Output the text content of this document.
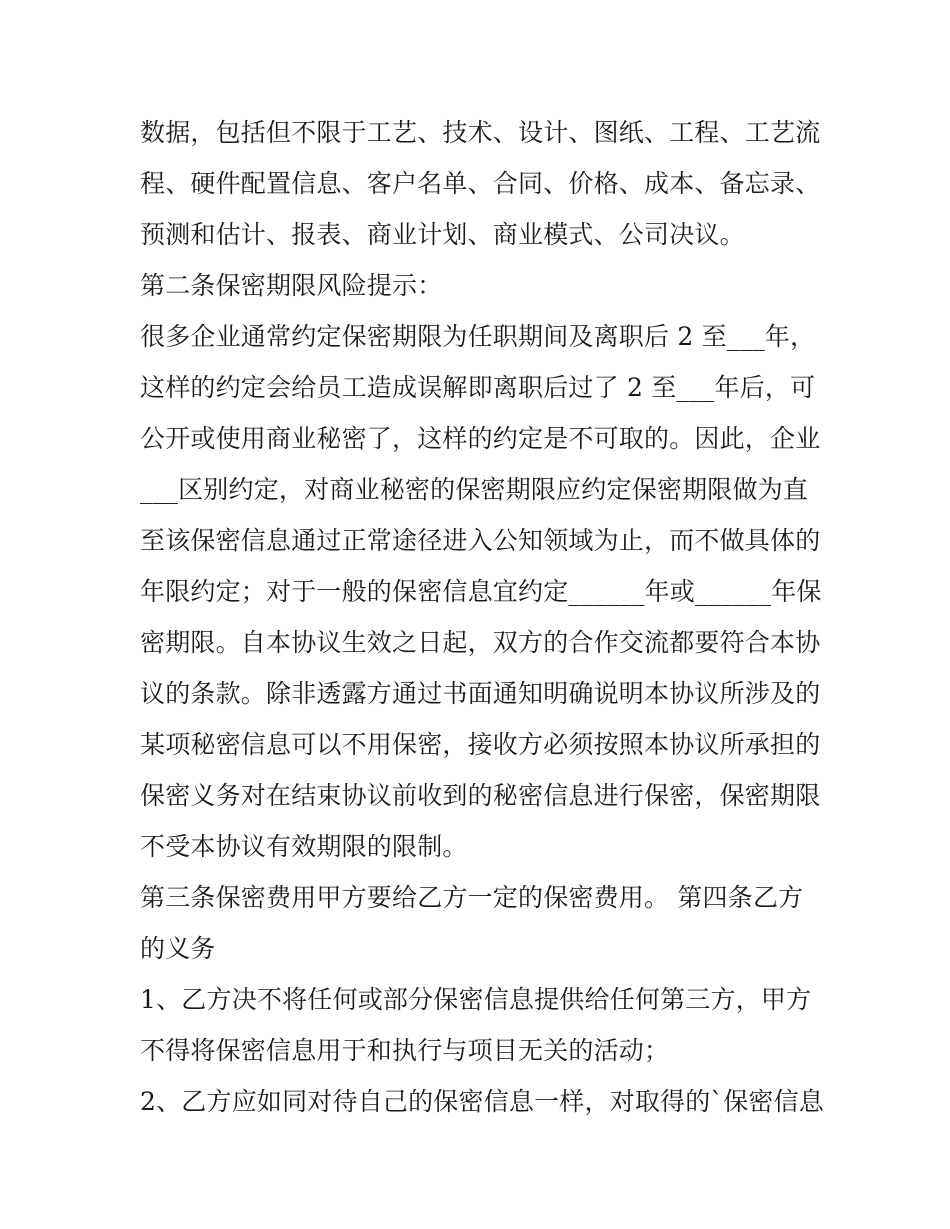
数据，包括但不限于工艺、技术、设计、图纸、工程、工艺流
程、硬件配置信息、客户名单、合同、价格、成本、备忘录、
预测和估计、报表、商业计划、商业模式、公司决议。
第二条保密期限风险提示：
很多企业通常约定保密期限为任职期间及离职后 2 至___年，
这样的约定会给员工造成误解即离职后过了 2 至___年后，可
公开或使用商业秘密了，这样的约定是不可取的。因此，企业
___区别约定，对商业秘密的保密期限应约定保密期限做为直
至该保密信息通过正常途径进入公知领域为止，而不做具体的
年限约定；对于一般的保密信息宜约定______年或______年保
密期限。自本协议生效之日起，双方的合作交流都要符合本协
议的条款。除非透露方通过书面通知明确说明本协议所涉及的
某项秘密信息可以不用保密，接收方必须按照本协议所承担的
保密义务对在结束协议前收到的秘密信息进行保密，保密期限
不受本协议有效期限的限制。
第三条保密费用甲方要给乙方一定的保密费用。 第四条乙方
的义务
1、乙方决不将任何或部分保密信息提供给任何第三方，甲方
不得将保密信息用于和执行与项目无关的活动；
2、乙方应如同对待自己的保密信息一样，对取得的`保密信息
